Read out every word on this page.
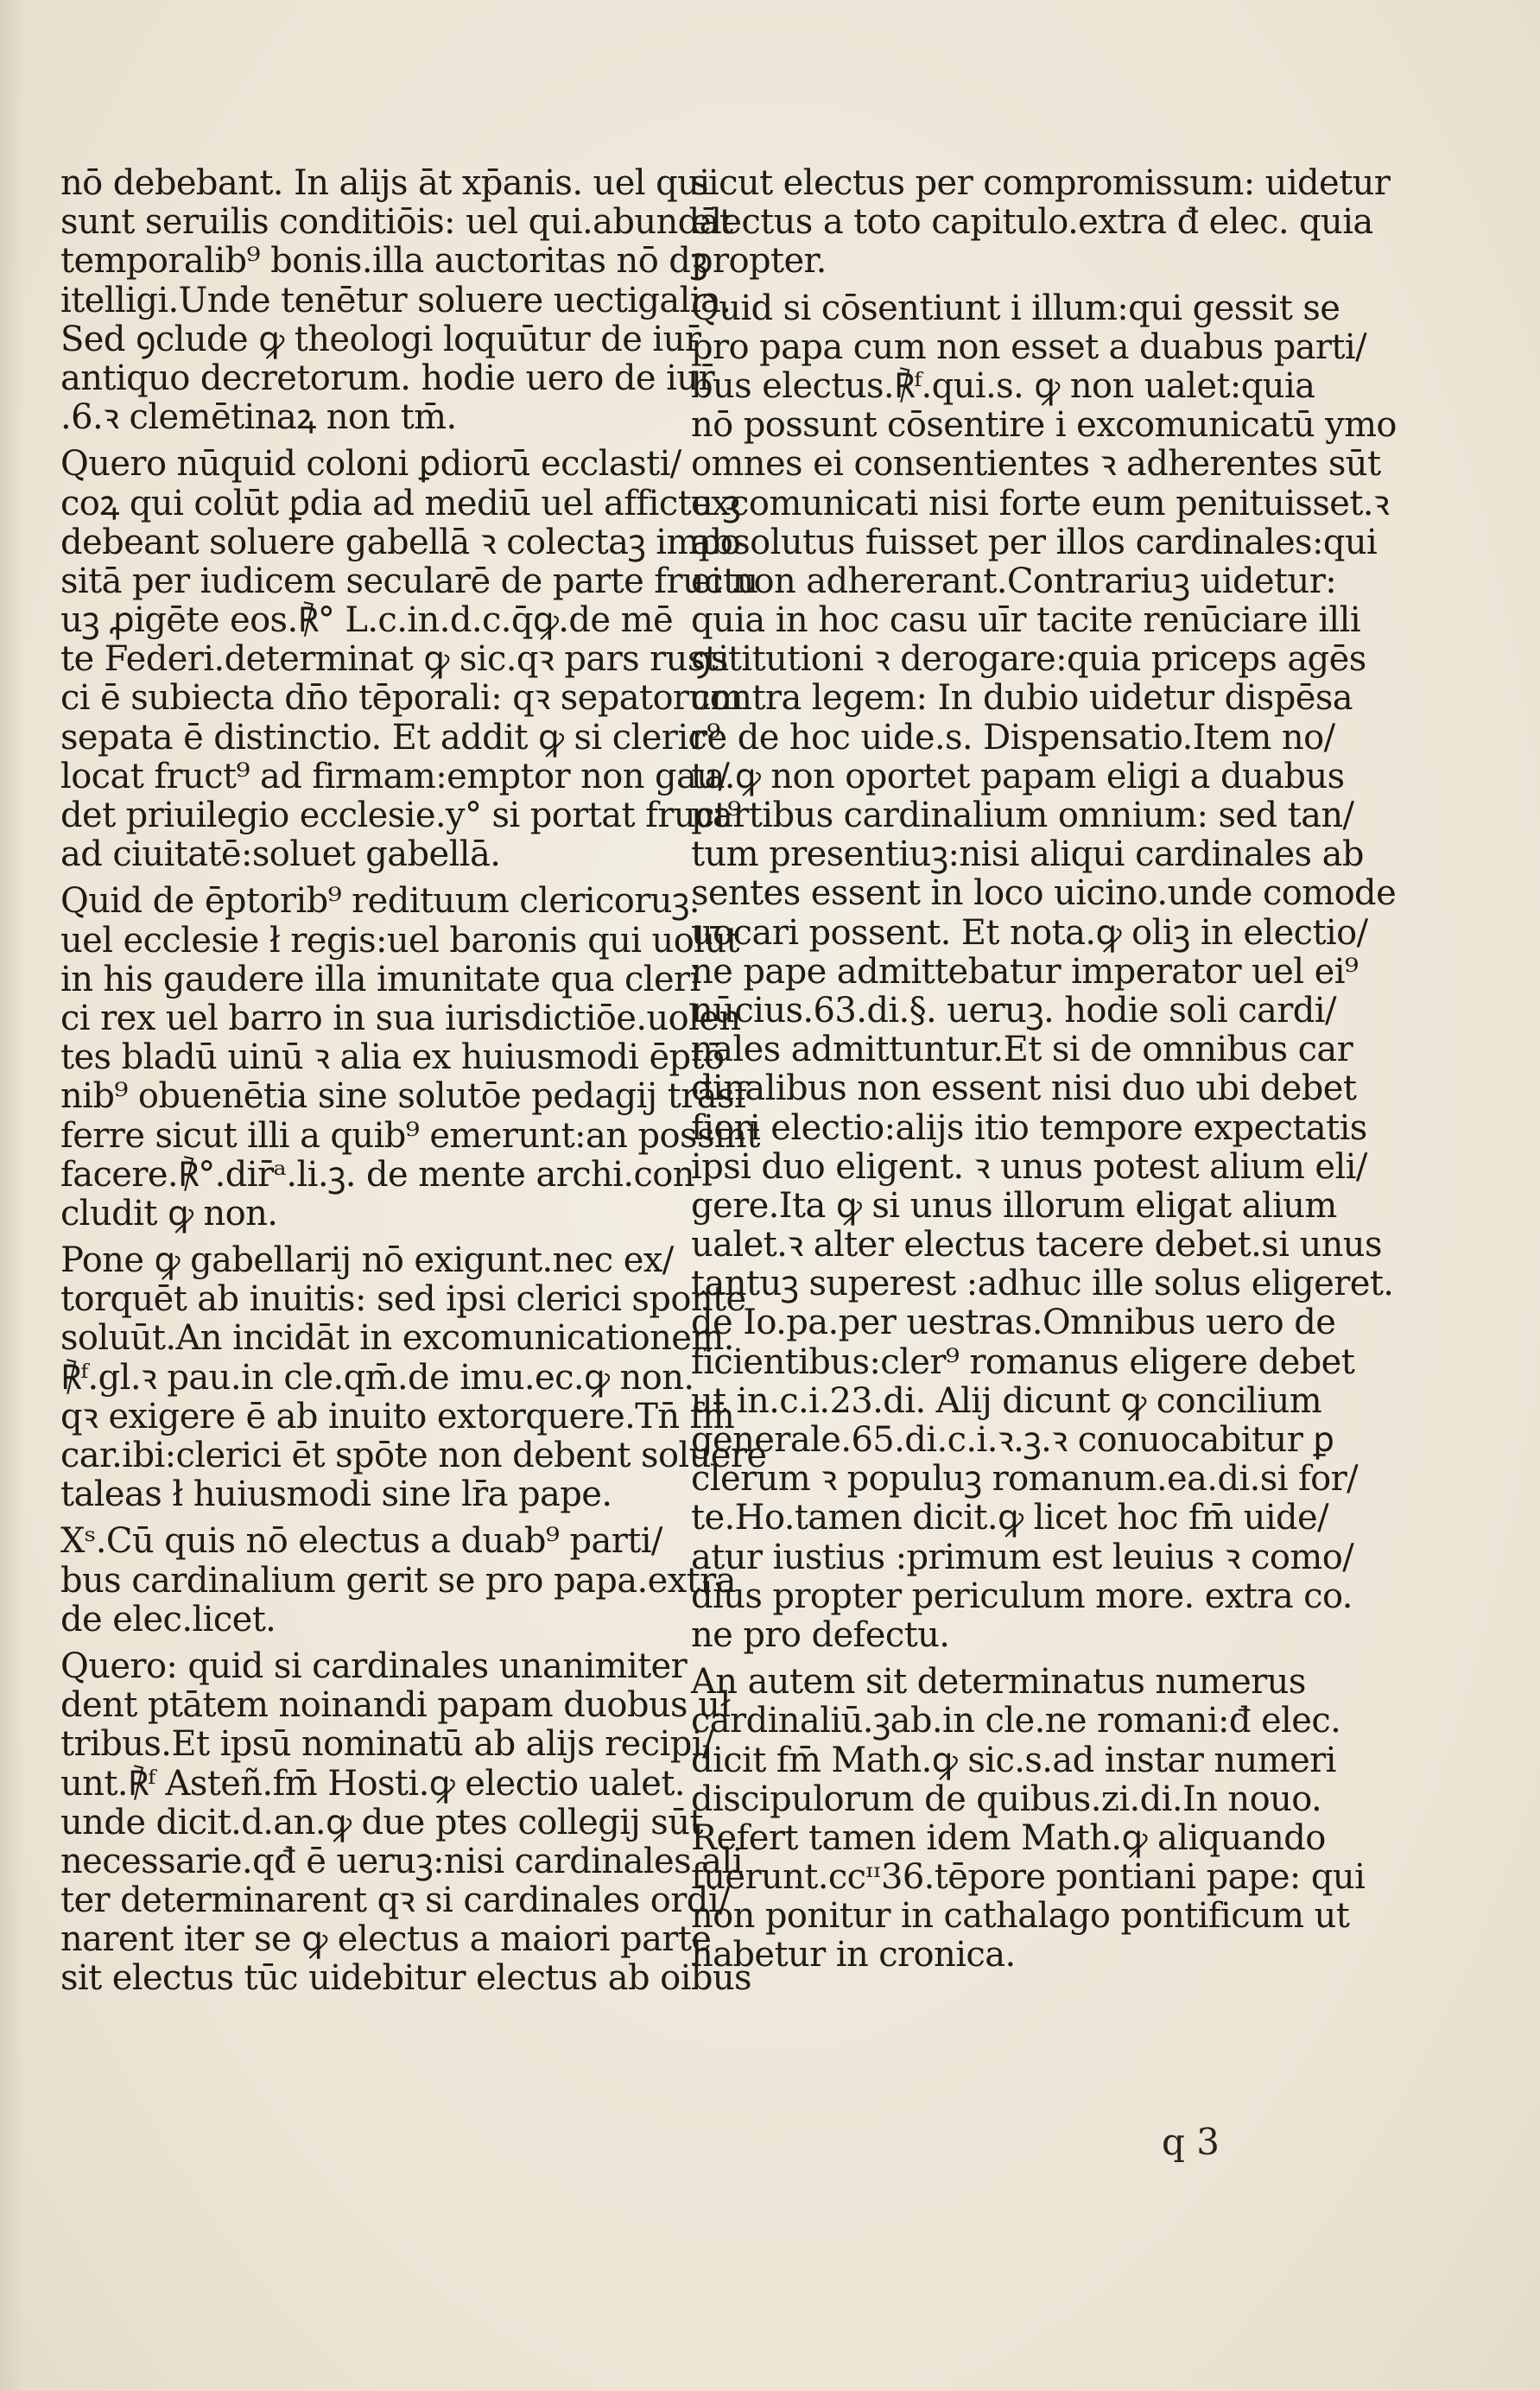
nō debebant. In alijs āt xp̄anis. uel qui
sunt seruilis conditiōis: uel qui.abundāt
temporalib⁹ bonis.illa auctoritas nō dꝫ
itelligi.Unde tenētur soluere uectigalia.
Sed ꝯclude ꝙ theologi loquūtur de iur̄
antiquo decretorum. hodie uero de iur̄
.6.ꝛ clemētinaꝝ non tm̄.
Quero nūquid coloni ꝑdiorū ecclasti/
coꝝ qui colūt ꝑdia ad mediū uel affictu ꝫ
debeant soluere gabellā ꝛ colectaꝫ impo
sitā per iudicem secularē de parte fructu
uꝫ ꝓigēte eos.℟° L.c.in.d.c.q̄ꝙ.de mē
te Federi.determinat ꝙ sic.qꝛ pars rusti
ci ē subiecta dn̄o tēporali: qꝛ sepatorum
sepata ē distinctio. Et addit ꝙ si cleric⁹
locat fruct⁹ ad firmam:emptor non gau/
det priuilegio ecclesie.y° si portat fruct⁹
ad ciuitatē:soluet gabellā.
Quid de ēptorib⁹ redituum clericoruꝫ.
uel ecclesie ł regis:uel baronis qui uolūt
in his gaudere illa imunitate qua cleri
ci rex uel barro in sua iurisdictiōe.uolen
tes bladū uinū ꝛ alia ex huiusmodi ēptō
nib⁹ obuenētia sine solutōe pedagij trāsf
ferre sicut illi a quib⁹ emerunt:an possint
facere.℟°.dir̄ᵃ.li.ꝫ. de mente archi.con
cludit ꝙ non.
Pone ꝙ gabellarij nō exigunt.nec ex/
torquēt ab inuitis: sed ipsi clerici sponte
soluūt.An incidāt in excomunicationem.
℟ᶠ.gl.ꝛ pau.in cle.qm̄.de imu.ec.ꝙ non.
qꝛ exigere ē ab inuito extorquere.Tn̄ fm̄
car.ibi:clerici ēt spōte non debent soluere
taleas ł huiusmodi sine lr̄a pape.
Xˢ.Cū quis nō electus a duab⁹ parti/
bus cardinalium gerit se pro papa.extra
de elec.licet.
Quero: quid si cardinales unanimiter
dent ptātem noinandi papam duobus uł
tribus.Et ipsū nominatū ab alijs recipi/
unt.℟ᶠ Asteñ.fm̄ Hosti.ꝙ electio ualet.
unde dicit.d.an.ꝙ due ptes collegij sūt
necessarie.qđ ē ueruꝫ:nisi cardinales ali
ter determinarent qꝛ si cardinales ordi/
narent iter se ꝙ electus a maiori parte
sit electus tūc uidebitur electus ab oibus
sicut electus per compromissum: uidetur
electus a toto capitulo.extra đ elec. quia
propter.
Quid si cōsentiunt i illum:qui gessit se
pro papa cum non esset a duabus parti/
bus electus.℟ᶠ.qui.s. ꝙ non ualet:quia
nō possunt cōsentire i excomunicatū ymo
omnes ei consentientes ꝛ adherentes sūt
excomunicati nisi forte eum penituisset.ꝛ
absolutus fuisset per illos cardinales:qui
ei non adhererant.Contrariuꝫ uidetur:
quia in hoc casu uīr tacite renūciare illi
ꝯstitutioni ꝛ derogare:quia priceps agēs
contra legem: In dubio uidetur dispēsa
re de hoc uide.s. Dispensatio.Item no/
ta.ꝙ non oportet papam eligi a duabus
partibus cardinalium omnium: sed tan/
tum presentiuꝫ:nisi aliqui cardinales ab
sentes essent in loco uicino.unde comode
uocari possent. Et nota.ꝙ oliꝫ in electio/
ne pape admittebatur imperator uel ei⁹
nūcius.63.di.§. ueruꝫ. hodie soli cardi/
nales admittuntur.Et si de omnibus car
dinalibus non essent nisi duo ubi debet
fieri electio:alijs itio tempore expectatis
ipsi duo eligent. ꝛ unus potest alium eli/
gere.Ita ꝙ si unus illorum eligat alium
ualet.ꝛ alter electus tacere debet.si unus
tantuꝫ superest :adhuc ille solus eligeret.
de Io.pa.per uestras.Omnibus uero de
ficientibus:cler⁹ romanus eligere debet
ut in.c.i.23.di. Alij dicunt ꝙ concilium
generale.65.di.c.i.ꝛ.ꝫ.ꝛ conuocabitur ꝑ
clerum ꝛ populuꝫ romanum.ea.di.si for/
te.Ho.tamen dicit.ꝙ licet hoc fm̄ uide/
atur iustius :primum est leuius ꝛ como/
dius propter periculum more. extra co.
ne pro defectu.
An autem sit determinatus numerus
cardinaliū.ꝫab.in cle.ne romani:đ elec.
dicit fm̄ Math.ꝙ sic.s.ad instar numeri
discipulorum de quibus.zi.di.In nouo.
Refert tamen idem Math.ꝙ aliquando
fuerunt.ccᶦᶦ36.tēpore pontiani pape: qui
non ponitur in cathalago pontificum ut
habetur in cronica.
q 3
